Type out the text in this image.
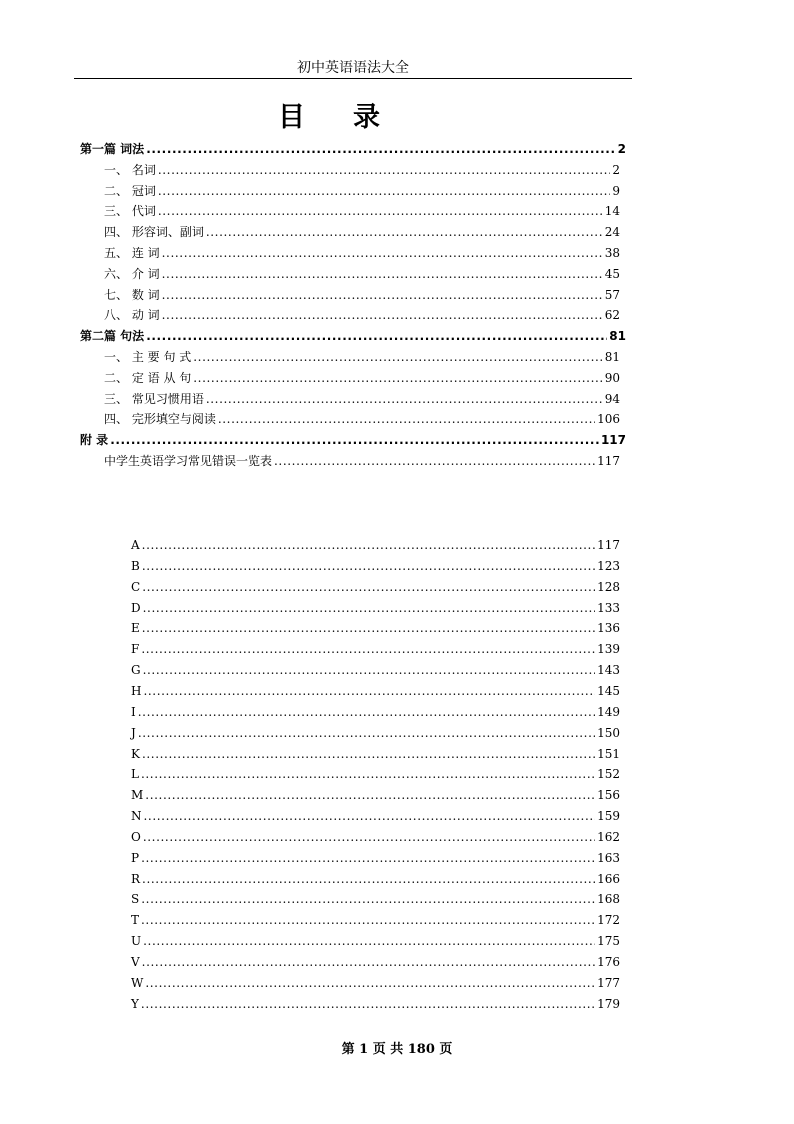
初中英语语法大全
目录
第一篇 词法 .....	2
一、 名词 .....	2
二、 冠词 .....	9
三、 代词 .....	14
四、 形容词、副词 .....	24
五、 连 词 .....	38
六、 介 词 .....	45
七、 数 词 .....	57
八、 动 词 .....	62
第二篇 句法 .....	81
一、 主 要 句 式 .....	81
二、 定 语 从 句 .....	90
三、 常见习惯用语 .....	94
四、 完形填空与阅读 .....	106
附 录 .....	117
中学生英语学习常见错误一览表 .....	117
A .....	117
B .....	123
C .....	128
D .....	133
E .....	136
F .....	139
G .....	143
H .....	145
I .....	149
J .....	150
K .....	151
L .....	152
M .....	156
N .....	159
O .....	162
P .....	163
R .....	166
S .....	168
T .....	172
U .....	175
V .....	176
W .....	177
Y .....	179
第 1 页 共 180 页
